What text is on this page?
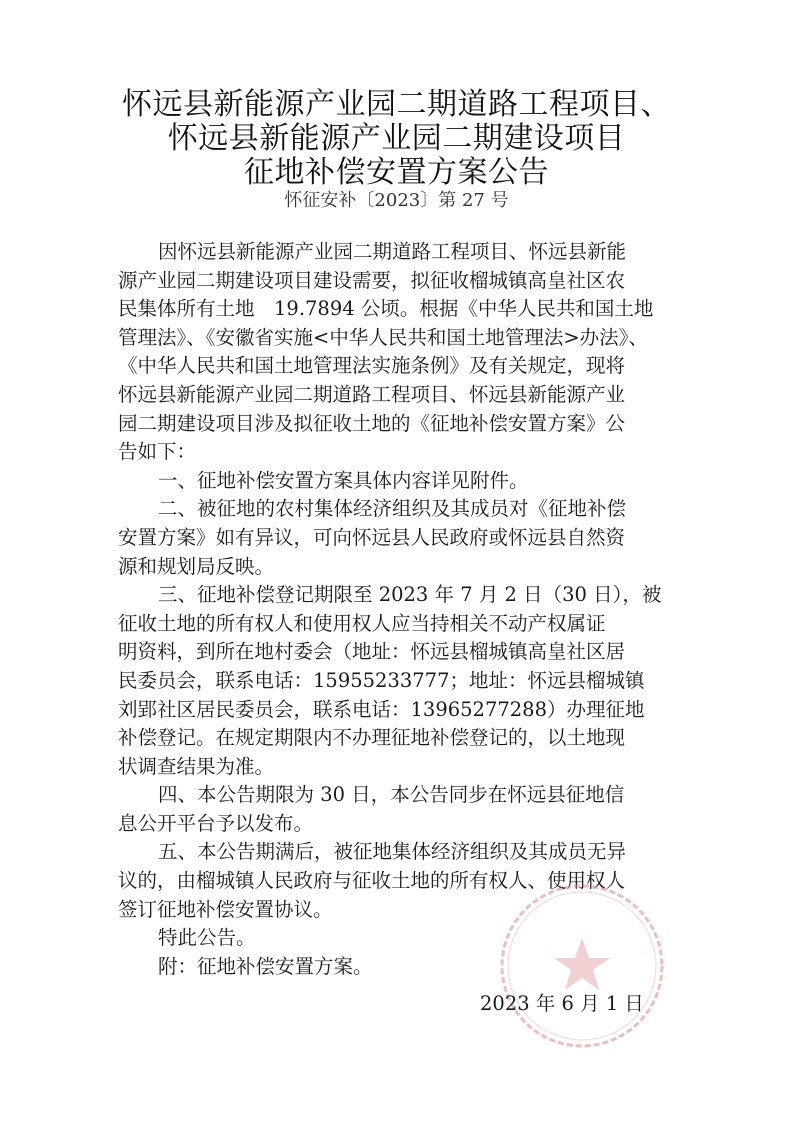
怀远县新能源产业园二期道路工程项目、
怀远县新能源产业园二期建设项目
征地补偿安置方案公告
怀征安补〔2023〕第 27 号
因怀远县新能源产业园二期道路工程项目、怀远县新能
源产业园二期建设项目建设需要，拟征收榴城镇高皇社区农
民集体所有土地　19.7894 公顷。根据《中华人民共和国土地
管理法》、《安徽省实施<中华人民共和国土地管理法>办法》、
《中华人民共和国土地管理法实施条例》及有关规定，现将
怀远县新能源产业园二期道路工程项目、怀远县新能源产业
园二期建设项目涉及拟征收土地的《征地补偿安置方案》公
告如下：
一、征地补偿安置方案具体内容详见附件。
二、被征地的农村集体经济组织及其成员对《征地补偿
安置方案》如有异议，可向怀远县人民政府或怀远县自然资
源和规划局反映。
三、征地补偿登记期限至 2023 年 7 月 2 日（30 日），被
征收土地的所有权人和使用权人应当持相关不动产权属证
明资料，到所在地村委会（地址：怀远县榴城镇高皇社区居
民委员会，联系电话：15955233777；地址：怀远县榴城镇
刘郢社区居民委员会，联系电话：13965277288）办理征地
补偿登记。在规定期限内不办理征地补偿登记的，以土地现
状调查结果为准。
四、本公告期限为 30 日，本公告同步在怀远县征地信
息公开平台予以发布。
五、本公告期满后，被征地集体经济组织及其成员无异
议的，由榴城镇人民政府与征收土地的所有权人、使用权人
签订征地补偿安置协议。
特此公告。
附：征地补偿安置方案。
2023 年 6 月 1 日
